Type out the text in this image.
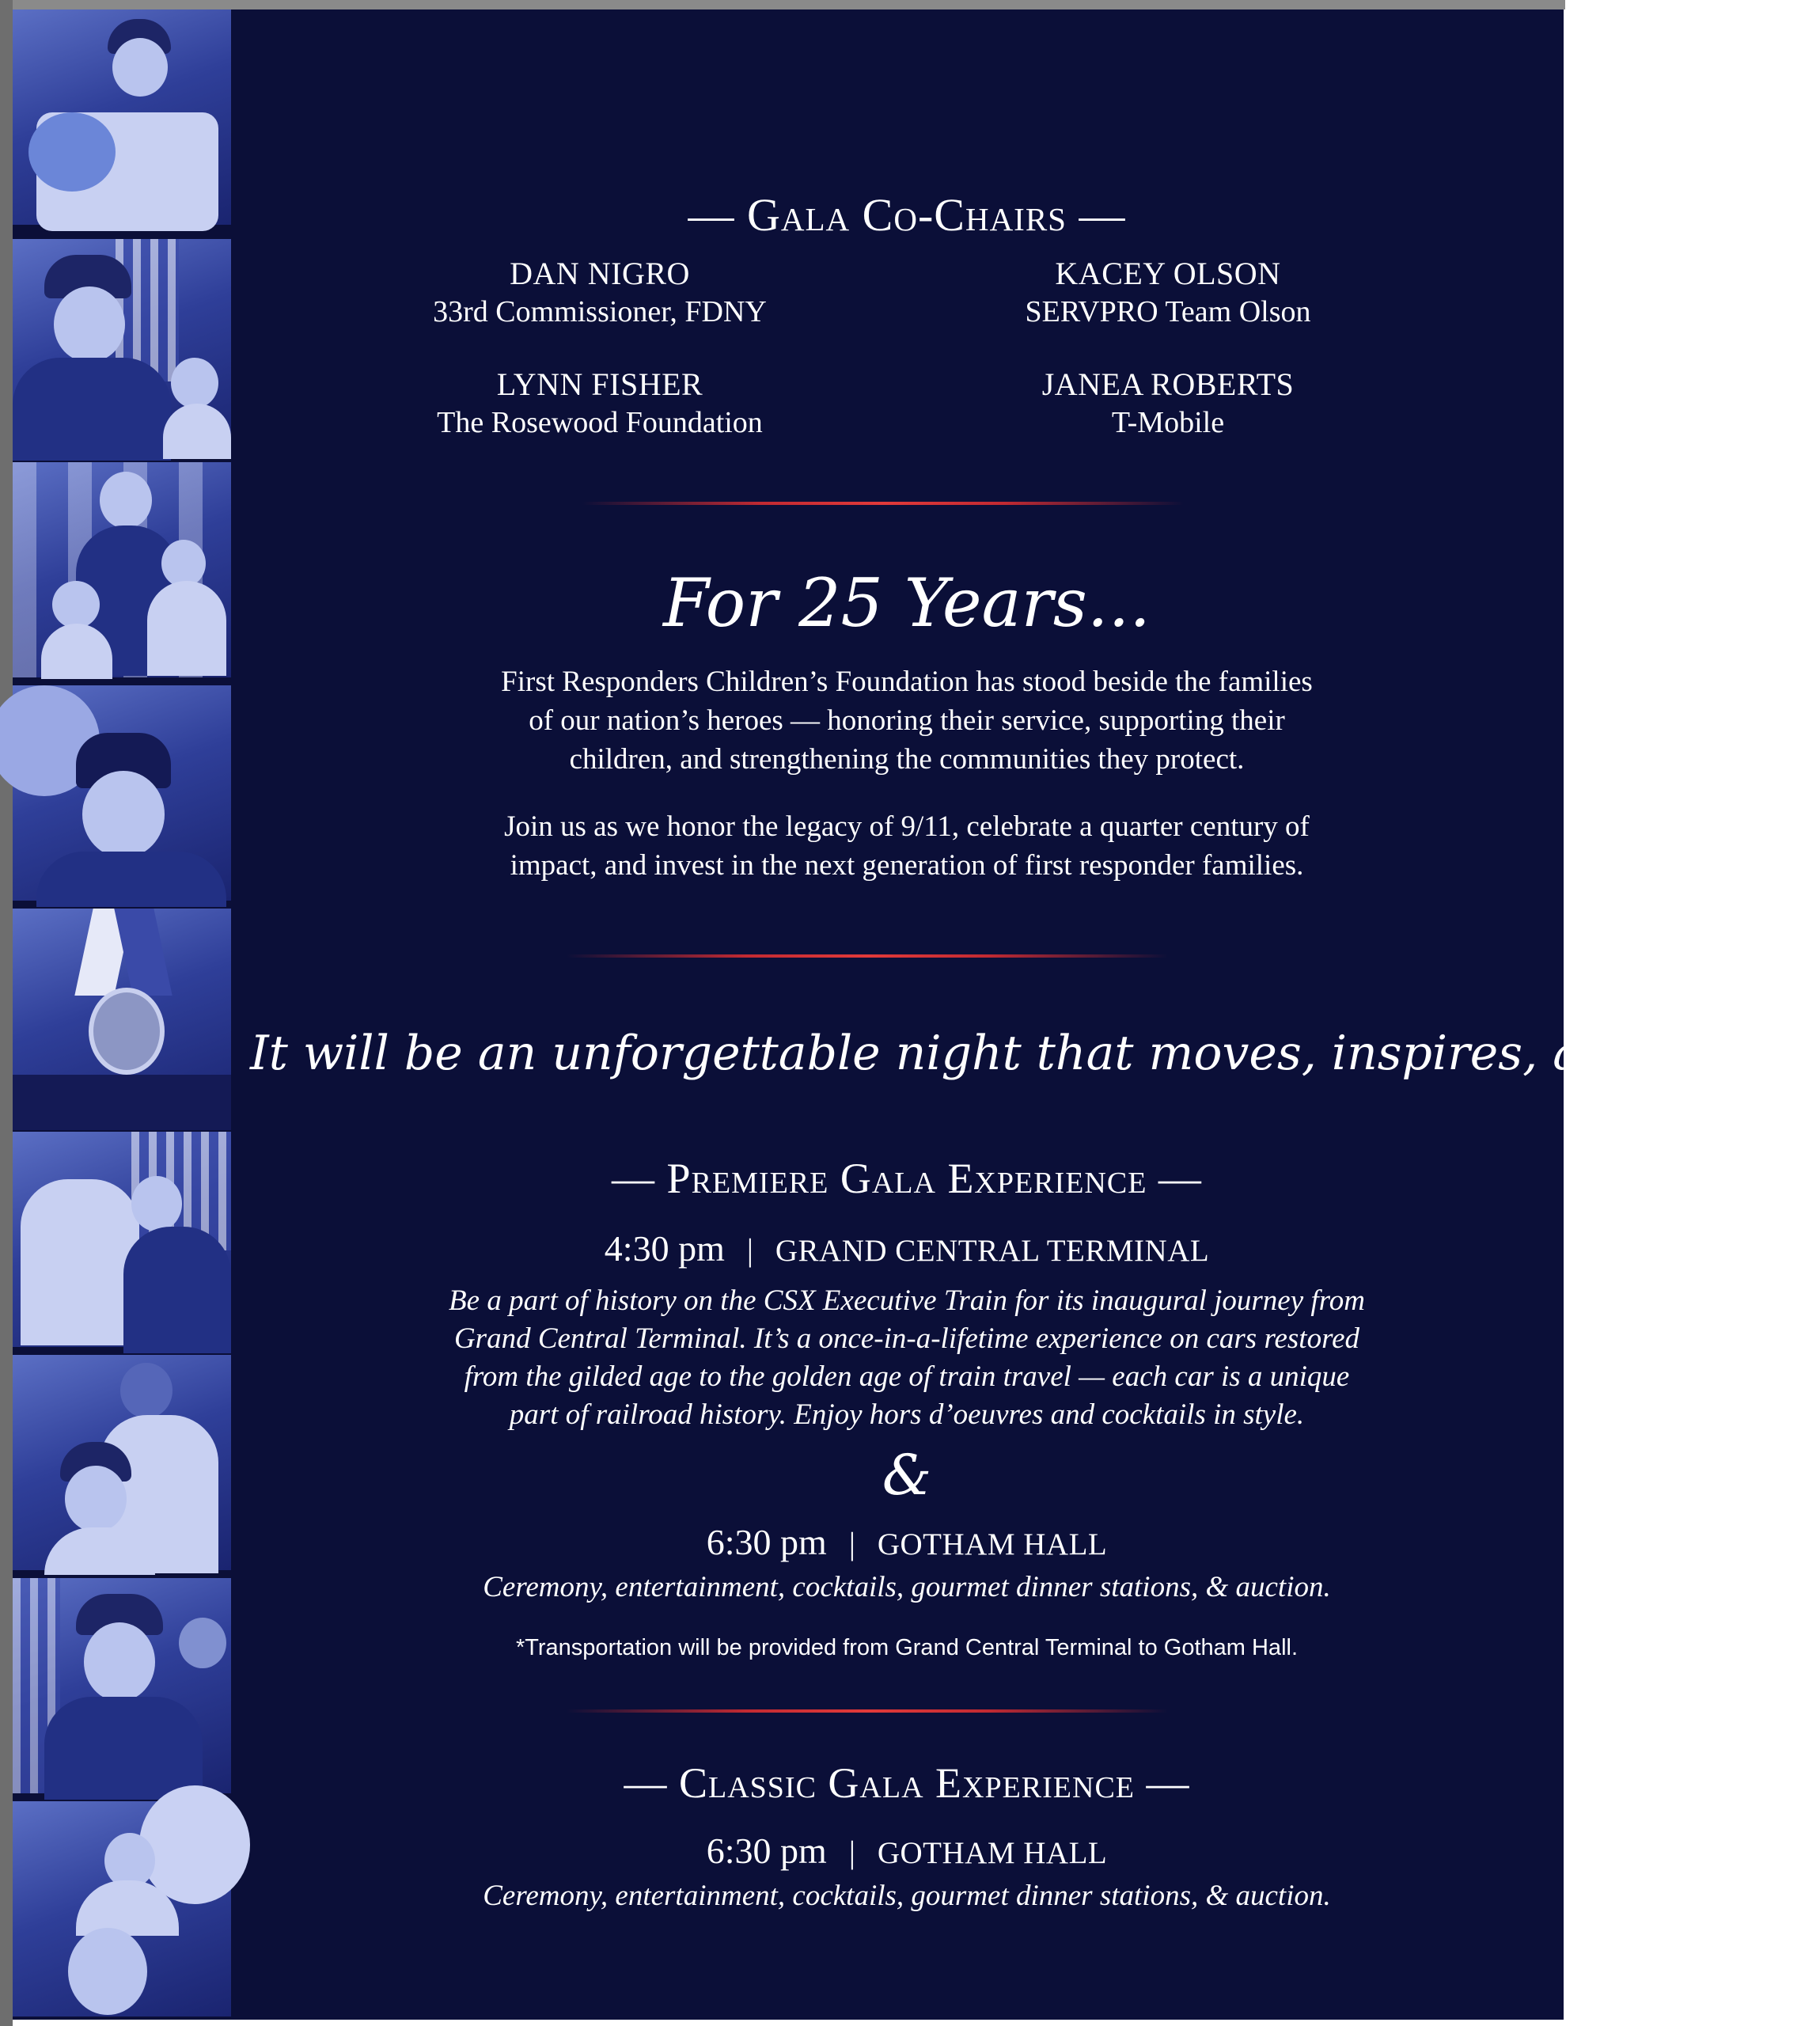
— Gala Co-Chairs —
DAN NIGRO
33rd Commissioner, FDNY
KACEY OLSON
SERVPRO Team Olson
LYNN FISHER
The Rosewood Foundation
JANEA ROBERTS
T-Mobile
For 25 Years...
First Responders Children’s Foundation has stood beside the families
of our nation’s heroes — honoring their service, supporting their
children, and strengthening the communities they protect.
Join us as we honor the legacy of 9/11, celebrate a quarter century of
impact, and invest in the next generation of first responder families.
It will be an unforgettable night that moves, inspires, and unites.
— Premiere Gala Experience —
4:30 pm | GRAND CENTRAL TERMINAL
Be a part of history on the CSX Executive Train for its inaugural journey from
Grand Central Terminal. It’s a once-in-a-lifetime experience on cars restored
from the gilded age to the golden age of train travel — each car is a unique
part of railroad history. Enjoy hors d’oeuvres and cocktails in style.
&
6:30 pm | GOTHAM HALL
Ceremony, entertainment, cocktails, gourmet dinner stations, & auction.
*Transportation will be provided from Grand Central Terminal to Gotham Hall.
— Classic Gala Experience —
6:30 pm | GOTHAM HALL
Ceremony, entertainment, cocktails, gourmet dinner stations, & auction.
